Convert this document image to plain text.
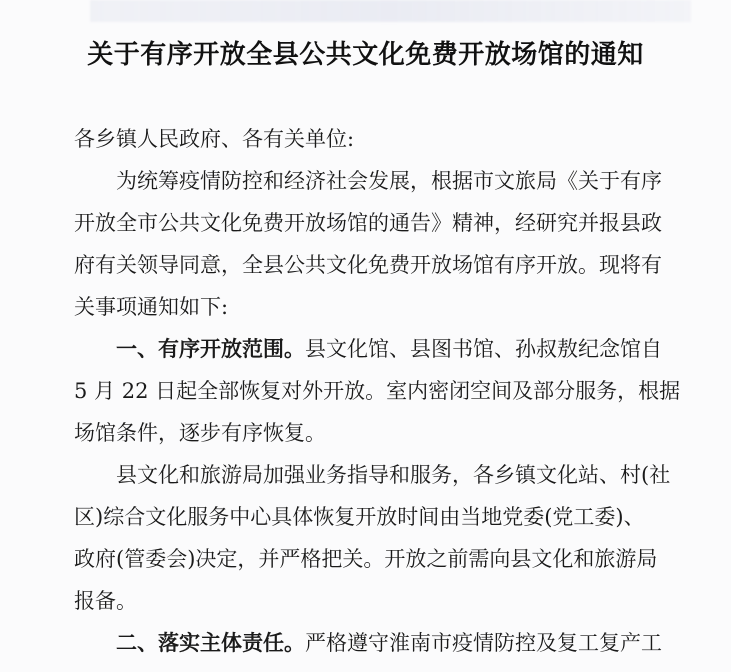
关于有序开放全县公共文化免费开放场馆的通知
各乡镇人民政府、各有关单位:
为统筹疫情防控和经济社会发展，根据市文旅局《关于有序
开放全市公共文化免费开放场馆的通告》精神，经研究并报县政
府有关领导同意，全县公共文化免费开放场馆有序开放。现将有
关事项通知如下:
一、有序开放范围。县文化馆、县图书馆、孙叔敖纪念馆自
5 月 22 日起全部恢复对外开放。室内密闭空间及部分服务，根据
场馆条件，逐步有序恢复。
县文化和旅游局加强业务指导和服务，各乡镇文化站、村(社
区)综合文化服务中心具体恢复开放时间由当地党委(党工委)、
政府(管委会)决定，并严格把关。开放之前需向县文化和旅游局
报备。
二、落实主体责任。严格遵守淮南市疫情防控及复工复产工
